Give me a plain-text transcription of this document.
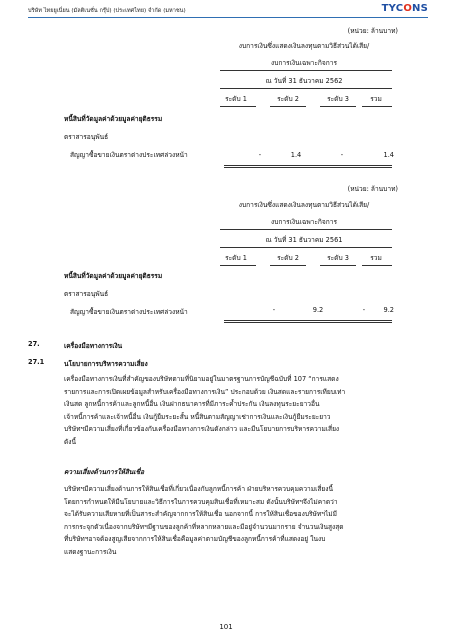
บริษัท ไทยยูเนี่ยน (มัลติเนชั่น กรุ๊ป) (ประเทศไทย) จำกัด (มหาชน)	TYCONS
(หน่วย: ล้านบาท)
งบการเงินซึ่งแสดงเงินลงทุนตามวิธีส่วนได้เสีย/
งบการเงินเฉพาะกิจการ
ณ วันที่ 31 ธันวาคม 2562
ระดับ 1	ระดับ 2	ระดับ 3	รวม
หนี้สินที่วัดมูลค่าด้วยมูลค่ายุติธรรม
ตราสารอนุพันธ์
สัญญาซื้อขายเงินตราต่างประเทศล่วงหน้า	-	1.4	-	1.4
(หน่วย: ล้านบาท)
งบการเงินซึ่งแสดงเงินลงทุนตามวิธีส่วนได้เสีย/
งบการเงินเฉพาะกิจการ
ณ วันที่ 31 ธันวาคม 2561
ระดับ 1	ระดับ 2	ระดับ 3	รวม
หนี้สินที่วัดมูลค่าด้วยมูลค่ายุติธรรม
ตราสารอนุพันธ์
สัญญาซื้อขายเงินตราต่างประเทศล่วงหน้า	-	9.2	-	9.2
27.	เครื่องมือทางการเงิน
27.1	นโยบายการบริหารความเสี่ยง
เครื่องมือทางการเงินที่สำคัญของบริษัทตามที่นิยามอยู่ในมาตรฐานการบัญชีฉบับที่ 107 “การแสดง
รายการและการเปิดเผยข้อมูลสำหรับเครื่องมือทางการเงิน” ประกอบด้วย เงินสดและรายการเทียบเท่า
เงินสด ลูกหนี้การค้าและลูกหนี้อื่น เงินฝากธนาคารที่มีภาระค้ำประกัน เงินลงทุนระยะยาวอื่น
เจ้าหนี้การค้าและเจ้าหนี้อื่น เงินกู้ยืมระยะสั้น หนี้สินตามสัญญาเช่าการเงินและเงินกู้ยืมระยะยาว
บริษัทฯมีความเสี่ยงที่เกี่ยวข้องกับเครื่องมือทางการเงินดังกล่าว และมีนโยบายการบริหารความเสี่ยง
ดังนี้
ความเสี่ยงด้านการให้สินเชื่อ
บริษัทฯมีความเสี่ยงด้านการให้สินเชื่อที่เกี่ยวเนื่องกับลูกหนี้การค้า ฝ่ายบริหารควบคุมความเสี่ยงนี้
โดยการกำหนดให้มีนโยบายและวิธีการในการควบคุมสินเชื่อที่เหมาะสม ดังนั้นบริษัทฯจึงไม่คาดว่า
จะได้รับความเสียหายที่เป็นสาระสำคัญจากการให้สินเชื่อ นอกจากนี้ การให้สินเชื่อของบริษัทฯไม่มี
การกระจุกตัวเนื่องจากบริษัทฯมีฐานของลูกค้าที่หลากหลายและมีอยู่จำนวนมากราย จำนวนเงินสูงสุด
ที่บริษัทฯอาจต้องสูญเสียจากการให้สินเชื่อคือมูลค่าตามบัญชีของลูกหนี้การค้าที่แสดงอยู่ ในงบ
แสดงฐานะการเงิน
101
